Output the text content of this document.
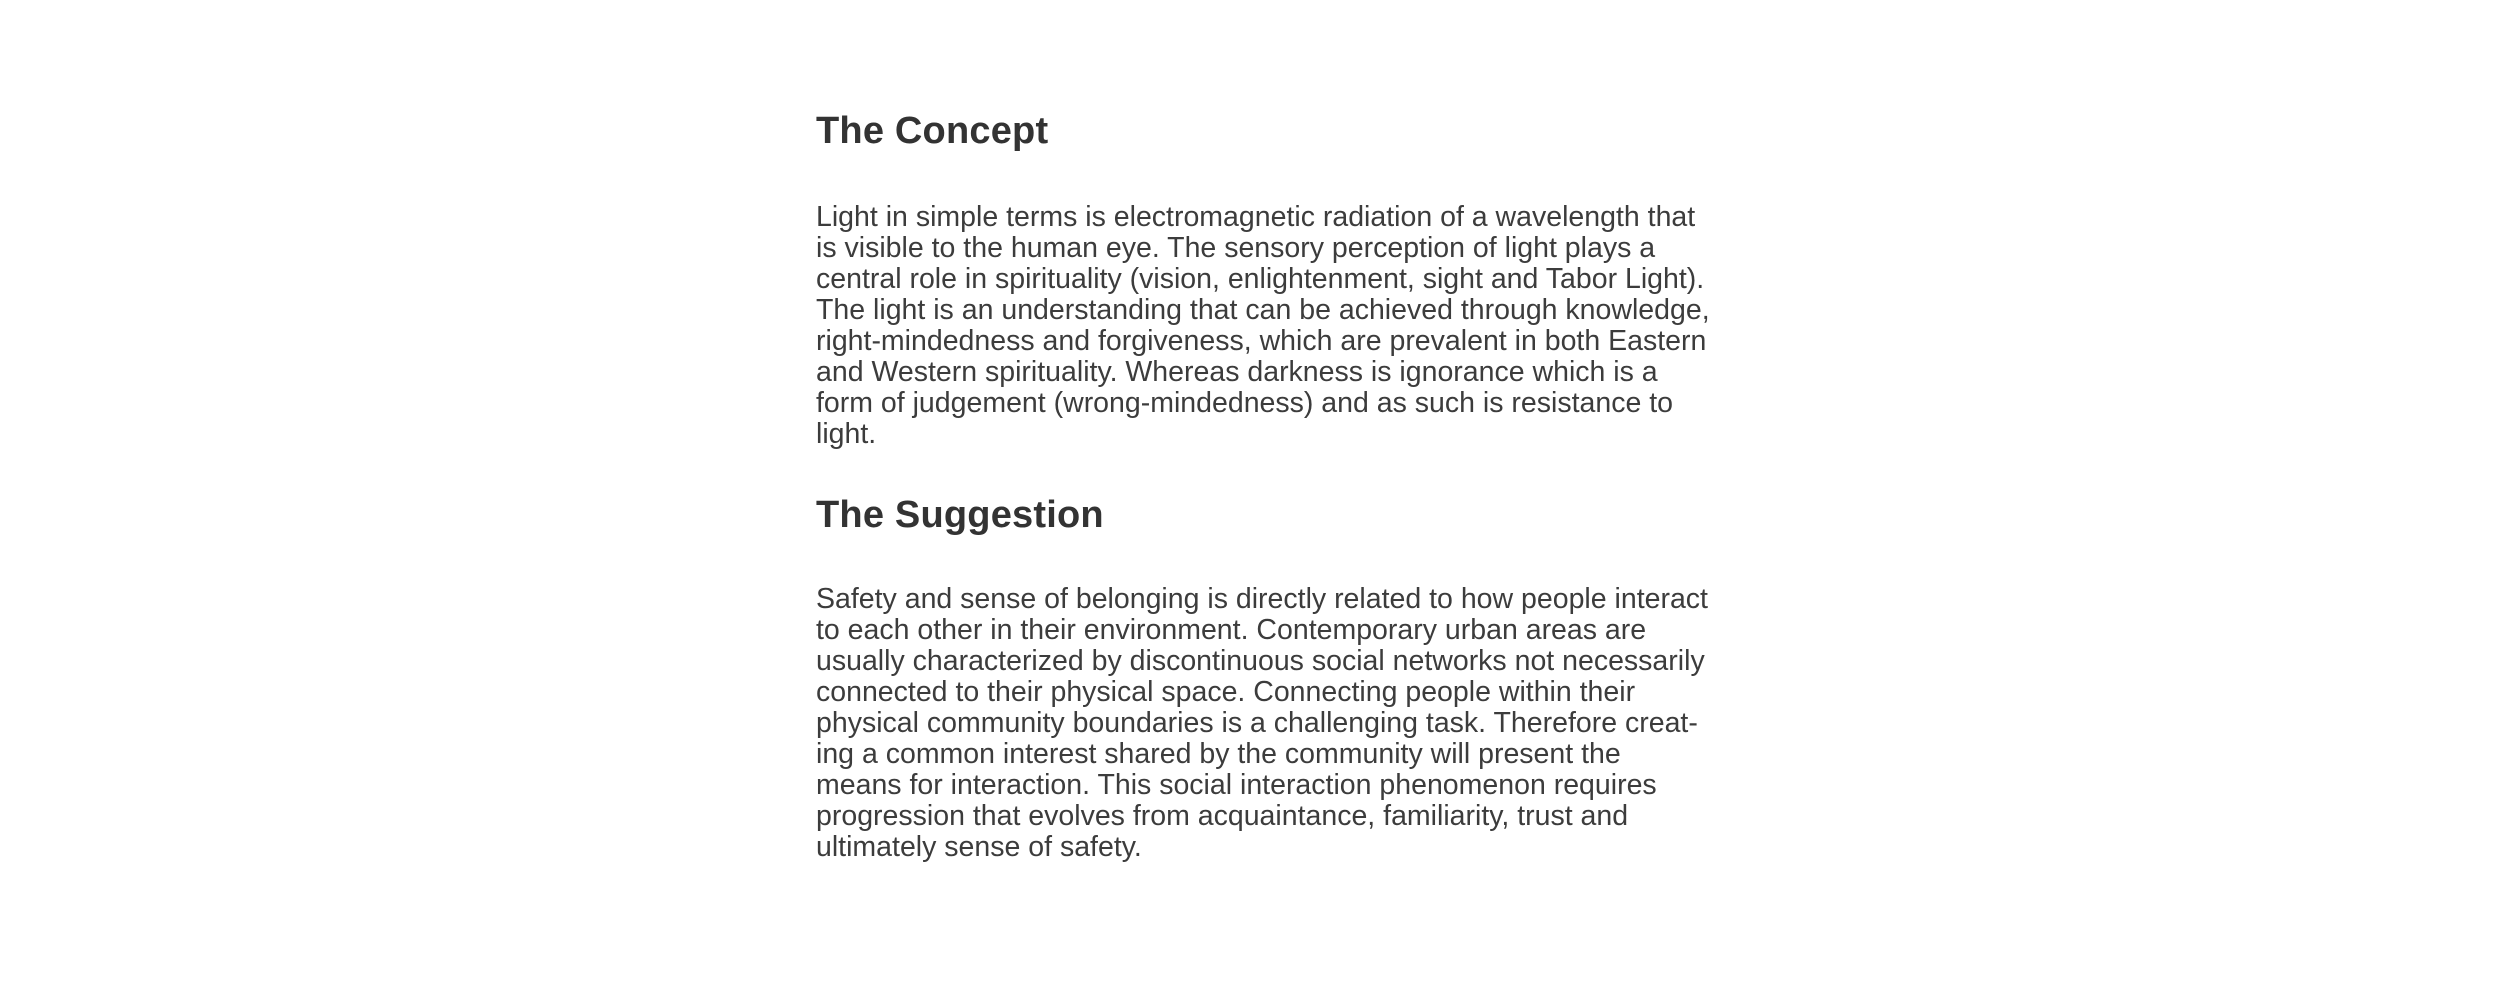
The Concept
Light in simple terms is electromagnetic radiation of a wavelength that
is visible to the human eye. The sensory perception of light plays a
central role in spirituality (vision, enlightenment, sight and Tabor Light).
The light is an understanding that can be achieved through knowledge,
right-mindedness and forgiveness, which are prevalent in both Eastern
and Western spirituality. Whereas darkness is ignorance which is a
form of judgement (wrong-mindedness) and as such is resistance to
light.
The Suggestion
Safety and sense of belonging is directly related to how people interact
to each other in their environment. Contemporary urban areas are
usually characterized by discontinuous social networks not necessarily
connected to their physical space. Connecting people within their
physical community boundaries is a challenging task. Therefore creat-
ing a common interest shared by the community will present the
means for interaction. This social interaction phenomenon requires
progression that evolves from acquaintance, familiarity, trust and
ultimately sense of safety.
